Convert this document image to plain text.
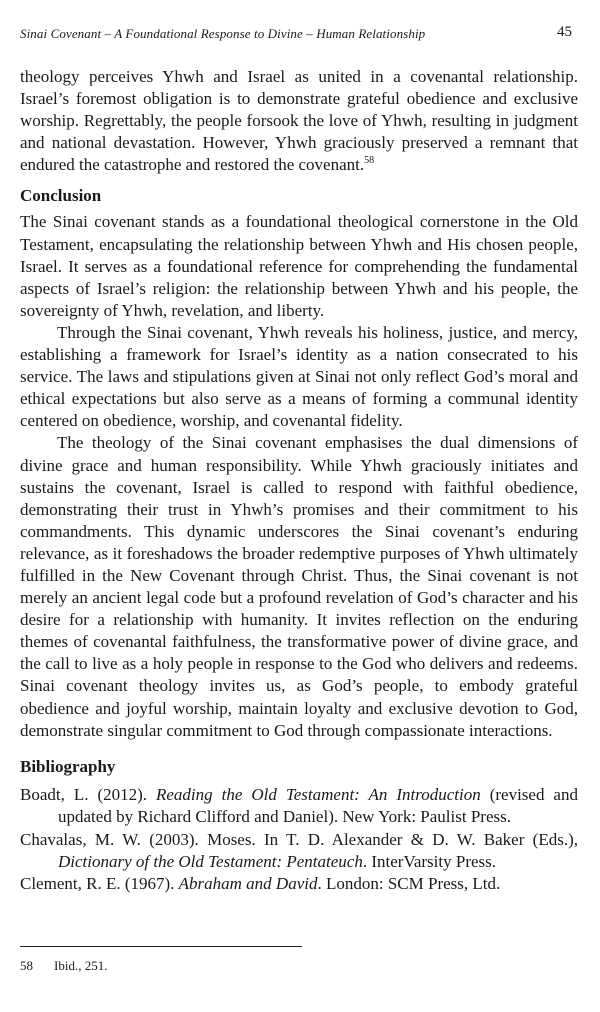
Sinai Covenant – A Foundational Response to Divine – Human Relationship	45

theology perceives Yhwh and Israel as united in a covenantal relationship. Israel’s foremost obligation is to demonstrate grateful obedience and exclusive worship. Regrettably, the people forsook the love of Yhwh, resulting in judgment and national devastation. However, Yhwh graciously preserved a remnant that endured the catastrophe and restored the covenant.$^{58}$

Conclusion

The Sinai covenant stands as a foundational theological cornerstone in the Old Testament, encapsulating the relationship between Yhwh and His chosen people, Israel. It serves as a foundational reference for comprehending the fundamental aspects of Israel’s religion: the relationship between Yhwh and his people, the sovereignty of Yhwh, revelation, and liberty.

Through the Sinai covenant, Yhwh reveals his holiness, justice, and mercy, establishing a framework for Israel’s identity as a nation consecrated to his service. The laws and stipulations given at Sinai not only reflect God’s moral and ethical expectations but also serve as a means of forming a communal identity centered on obedience, worship, and covenantal fidelity.

The theology of the Sinai covenant emphasises the dual dimensions of divine grace and human responsibility. While Yhwh graciously initiates and sustains the covenant, Israel is called to respond with faithful obedience, demonstrating their trust in Yhwh’s promises and their commitment to his commandments. This dynamic underscores the Sinai covenant’s enduring relevance, as it foreshadows the broader redemptive purposes of Yhwh ultimately fulfilled in the New Covenant through Christ. Thus, the Sinai covenant is not merely an ancient legal code but a profound revelation of God’s character and his desire for a relationship with humanity. It invites reflection on the enduring themes of covenantal faithfulness, the transformative power of divine grace, and the call to live as a holy people in response to the God who delivers and redeems. Sinai covenant theology invites us, as God’s people, to embody grateful obedience and joyful worship, maintain loyalty and exclusive devotion to God, demonstrate singular commitment to God through compassionate interactions.

Bibliography

Boadt, L. (2012). Reading the Old Testament: An Introduction (revised and updated by Richard Clifford and Daniel). New York: Paulist Press.

Chavalas, M. W. (2003). Moses. In T. D. Alexander & D. W. Baker (Eds.), Dictionary of the Old Testament: Pentateuch. InterVarsity Press.

Clement, R. E. (1967). Abraham and David. London: SCM Press, Ltd.

58 Ibid., 251.
